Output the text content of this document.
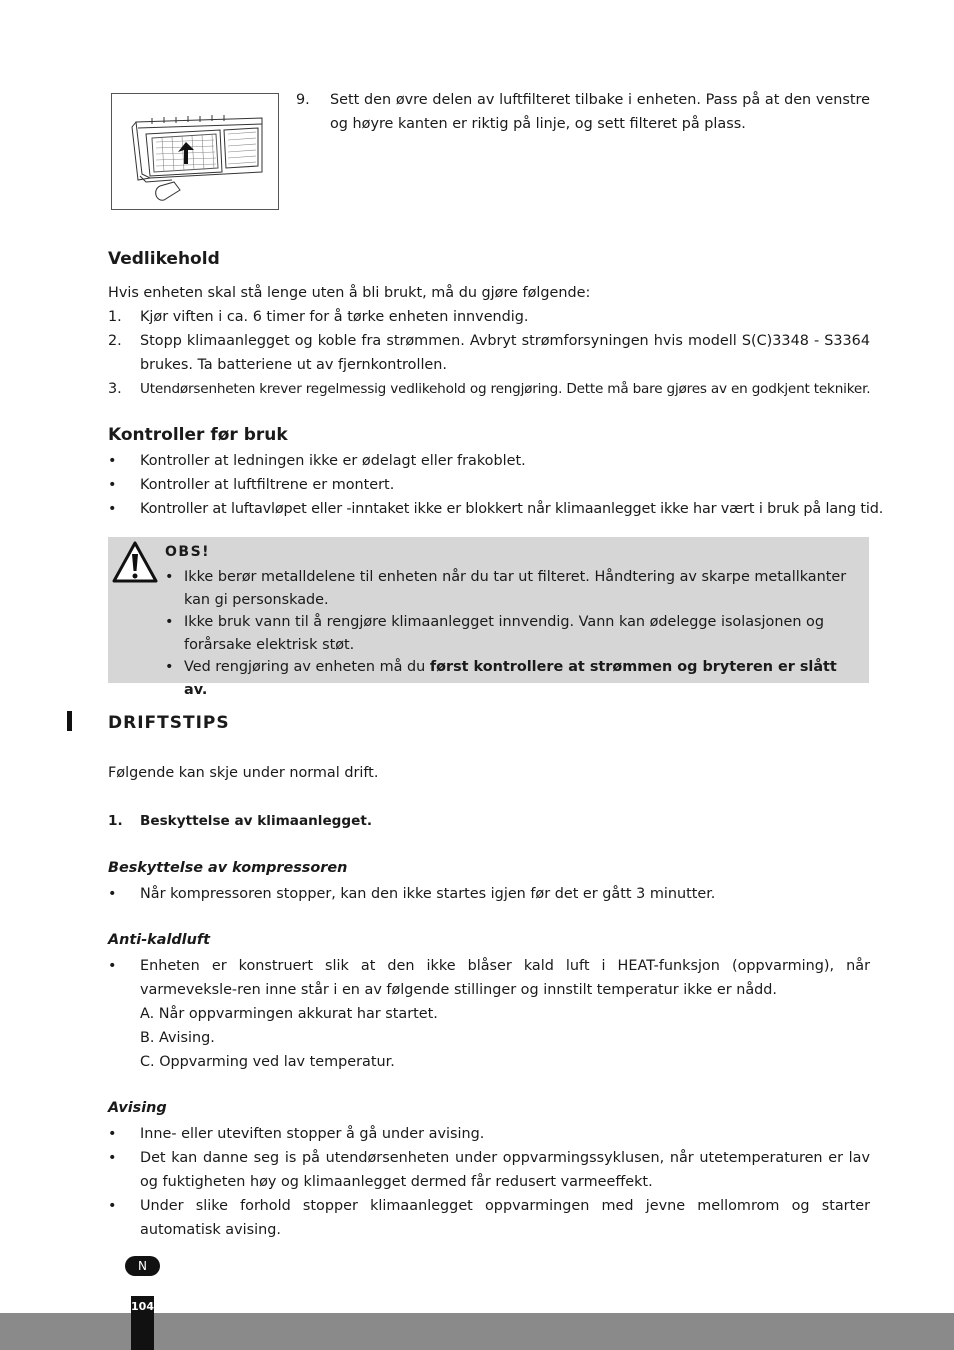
9. Sett den øvre delen av luftfilteret tilbake i enheten. Pass på at den venstre og høyre kanten er riktig på linje, og sett filteret på plass.
Vedlikehold
Hvis enheten skal stå lenge uten å bli brukt, må du gjøre følgende:
1. Kjør viften i ca. 6 timer for å tørke enheten innvendig.
2. Stopp klimaanlegget og koble fra strømmen. Avbryt strømforsyningen hvis modell S(C)3348 - S3364 brukes. Ta batteriene ut av fjernkontrollen.
3. Utendørsenheten krever regelmessig vedlikehold og rengjøring. Dette må bare gjøres av en godkjent tekniker.
Kontroller før bruk
• Kontroller at ledningen ikke er ødelagt eller frakoblet.
• Kontroller at luftfiltrene er montert.
• Kontroller at luftavløpet eller -inntaket ikke er blokkert når klimaanlegget ikke har vært i bruk på lang tid.
OBS!
• Ikke berør metalldelene til enheten når du tar ut filteret. Håndtering av skarpe metallkanter kan gi personskade.
• Ikke bruk vann til å rengjøre klimaanlegget innvendig. Vann kan ødelegge isolasjonen og forårsake elektrisk støt.
• Ved rengjøring av enheten må du først kontrollere at strømmen og bryteren er slått av.
DRIFTSTIPS
Følgende kan skje under normal drift.
1. Beskyttelse av klimaanlegget.
Beskyttelse av kompressoren
• Når kompressoren stopper, kan den ikke startes igjen før det er gått 3 minutter.
Anti-kaldluft
• Enheten er konstruert slik at den ikke blåser kald luft i HEAT-funksjon (oppvarming), når varmeveksle-ren inne står i en av følgende stillinger og innstilt temperatur ikke er nådd.
A. Når oppvarmingen akkurat har startet.
B. Avising.
C. Oppvarming ved lav temperatur.
Avising
• Inne- eller uteviften stopper å gå under avising.
• Det kan danne seg is på utendørsenheten under oppvarmingssyklusen, når utetemperaturen er lav og fuktigheten høy og klimaanlegget dermed får redusert varmeeffekt.
• Under slike forhold stopper klimaanlegget oppvarmingen med jevne mellomrom og starter automatisk avising.
N
104
